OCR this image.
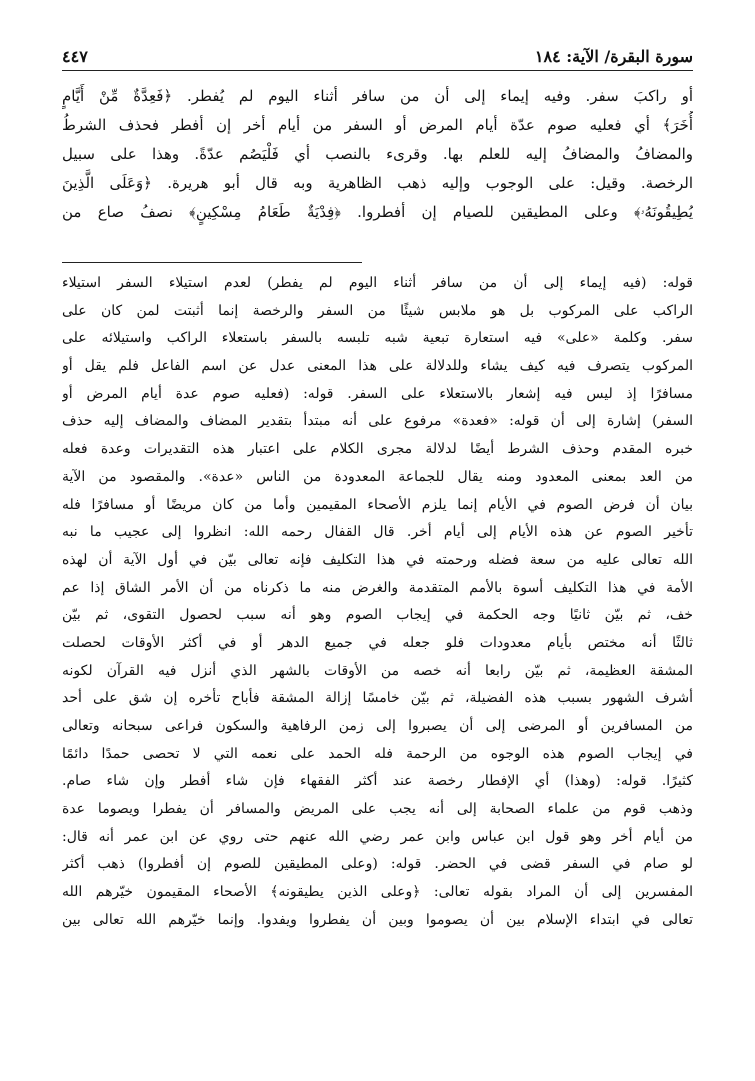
سورة البقرة/ الآية: ١٨٤
٤٤٧
أو راكبَ سفر. وفيه إيماء إلى أن من سافر أثناء اليوم لم يُفطر. ﴿فَعِدَّةٌ مِّنْ أَيَّامٍ
أُخَرَ﴾ أي فعليه صوم عدّة أيام المرض أو السفر من أيام أخر إن أفطر فحذف الشرطُ
والمضافُ والمضافُ إليه للعلم بها. وقرىء بالنصب أي فَلْيَصُم عدّةً. وهذا على سبيل
الرخصة. وقيل: على الوجوب وإليه ذهب الظاهرية وبه قال أبو هريرة. ﴿وَعَلَى الَّذِينَ
يُطِيقُونَهُۥ﴾ وعلى المطيقين للصيام إن أفطروا. ﴿فِدْيَةٌ طَعَامُ مِسْكِينٍ﴾ نصفُ صاع من
قوله: (فيه إيماء إلى أن من سافر أثناء اليوم لم يفطر) لعدم استيلاء السفر استيلاء
الراكب على المركوب بل هو ملابس شيئًا من السفر والرخصة إنما أثبتت لمن كان على
سفر. وكلمة «على» فيه استعارة تبعية شبه تلبسه بالسفر باستعلاء الراكب واستيلائه على
المركوب يتصرف فيه كيف يشاء وللدلالة على هذا المعنى عدل عن اسم الفاعل فلم يقل أو
مسافرًا إذ ليس فيه إشعار بالاستعلاء على السفر. قوله: (فعليه صوم عدة أيام المرض أو
السفر) إشارة إلى أن قوله: «فعدة» مرفوع على أنه مبتدأ بتقدير المضاف والمضاف إليه حذف
خبره المقدم وحذف الشرط أيضًا لدلالة مجرى الكلام على اعتبار هذه التقديرات وعدة فعله
من العد بمعنى المعدود ومنه يقال للجماعة المعدودة من الناس «عدة». والمقصود من الآية
بيان أن فرض الصوم في الأيام إنما يلزم الأصحاء المقيمين وأما من كان مريضًا أو مسافرًا فله
تأخير الصوم عن هذه الأيام إلى أيام أخر. قال القفال رحمه الله: انظروا إلى عجيب ما نبه
الله تعالى عليه من سعة فضله ورحمته في هذا التكليف فإنه تعالى بيّن في أول الآية أن لهذه
الأمة في هذا التكليف أسوة بالأمم المتقدمة والغرض منه ما ذكرناه من أن الأمر الشاق إذا عم
خف، ثم بيّن ثانيًا وجه الحكمة في إيجاب الصوم وهو أنه سبب لحصول التقوى، ثم بيّن
ثالثًا أنه مختص بأيام معدودات فلو جعله في جميع الدهر أو في أكثر الأوقات لحصلت
المشقة العظيمة، ثم بيّن رابعا أنه خصه من الأوقات بالشهر الذي أنزل فيه القرآن لكونه
أشرف الشهور بسبب هذه الفضيلة، ثم بيّن خامسًا إزالة المشقة فأباح تأخره إن شق على أحد
من المسافرين أو المرضى إلى أن يصبروا إلى زمن الرفاهية والسكون فراعى سبحانه وتعالى
في إيجاب الصوم هذه الوجوه من الرحمة فله الحمد على نعمه التي لا تحصى حمدًا دائمًا
كثيرًا. قوله: (وهذا) أي الإفطار رخصة عند أكثر الفقهاء فإن شاء أفطر وإن شاء صام.
وذهب قوم من علماء الصحابة إلى أنه يجب على المريض والمسافر أن يفطرا ويصوما عدة
من أيام أخر وهو قول ابن عباس وابن عمر رضي الله عنهم حتى روي عن ابن عمر أنه قال:
لو صام في السفر قضى في الحضر. قوله: (وعلى المطيقين للصوم إن أفطروا) ذهب أكثر
المفسرين إلى أن المراد بقوله تعالى: ﴿وعلى الذين يطيقونه﴾ الأصحاء المقيمون خيّرهم الله
تعالى في ابتداء الإسلام بين أن يصوموا وبين أن يفطروا ويفدوا. وإنما خيّرهم الله تعالى بين
